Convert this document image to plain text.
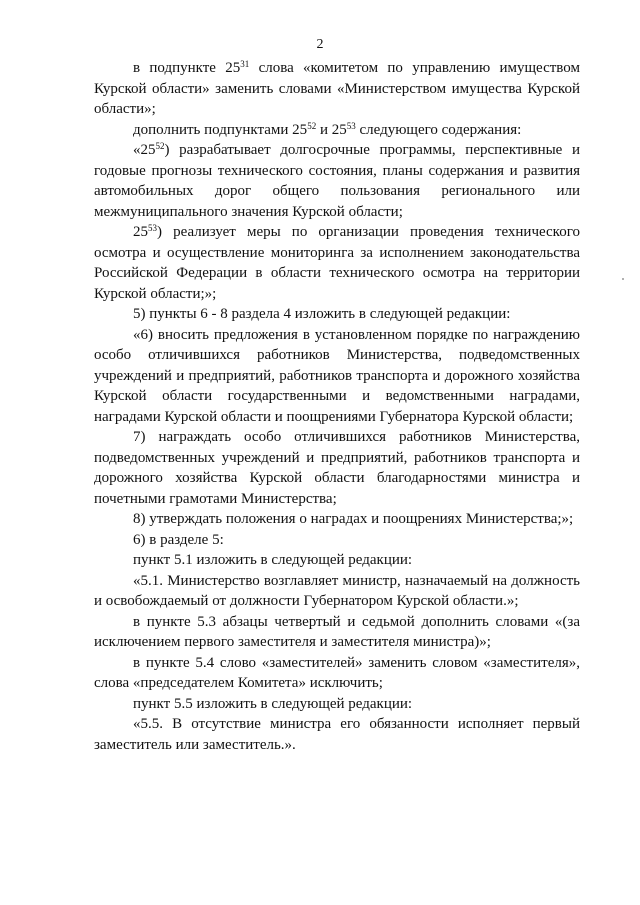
2

в подпункте $25^{31}$ слова «комитетом по управлению имуществом Курской области» заменить словами «Министерством имущества Курской области»;

дополнить подпунктами $25^{52}$ и $25^{53}$ следующего содержания:

«$25^{52}$) разрабатывает долгосрочные программы, перспективные и годовые прогнозы технического состояния, планы содержания и развития автомобильных дорог общего пользования регионального или межмуниципального значения Курской области;

$25^{53}$) реализует меры по организации проведения технического осмотра и осуществление мониторинга за исполнением законодательства Российской Федерации в области технического осмотра на территории Курской области;»;

5) пункты 6 - 8 раздела 4 изложить в следующей редакции:

«6) вносить предложения в установленном порядке по награждению особо отличившихся работников Министерства, подведомственных учреждений и предприятий, работников транспорта и дорожного хозяйства Курской области государственными и ведомственными наградами, наградами Курской области и поощрениями Губернатора Курской области;

7) награждать особо отличившихся работников Министерства, подведомственных учреждений и предприятий, работников транспорта и дорожного хозяйства Курской области благодарностями министра и почетными грамотами Министерства;

8) утверждать положения о наградах и поощрениях Министерства;»;

6) в разделе 5:

пункт 5.1 изложить в следующей редакции:

«5.1. Министерство возглавляет министр, назначаемый на должность и освобождаемый от должности Губернатором Курской области.»;

в пункте 5.3 абзацы четвертый и седьмой дополнить словами «(за исключением первого заместителя и заместителя министра)»;

в пункте 5.4 слово «заместителей» заменить словом «заместителя», слова «председателем Комитета» исключить;

пункт 5.5 изложить в следующей редакции:

«5.5. В отсутствие министра его обязанности исполняет первый заместитель или заместитель.».
